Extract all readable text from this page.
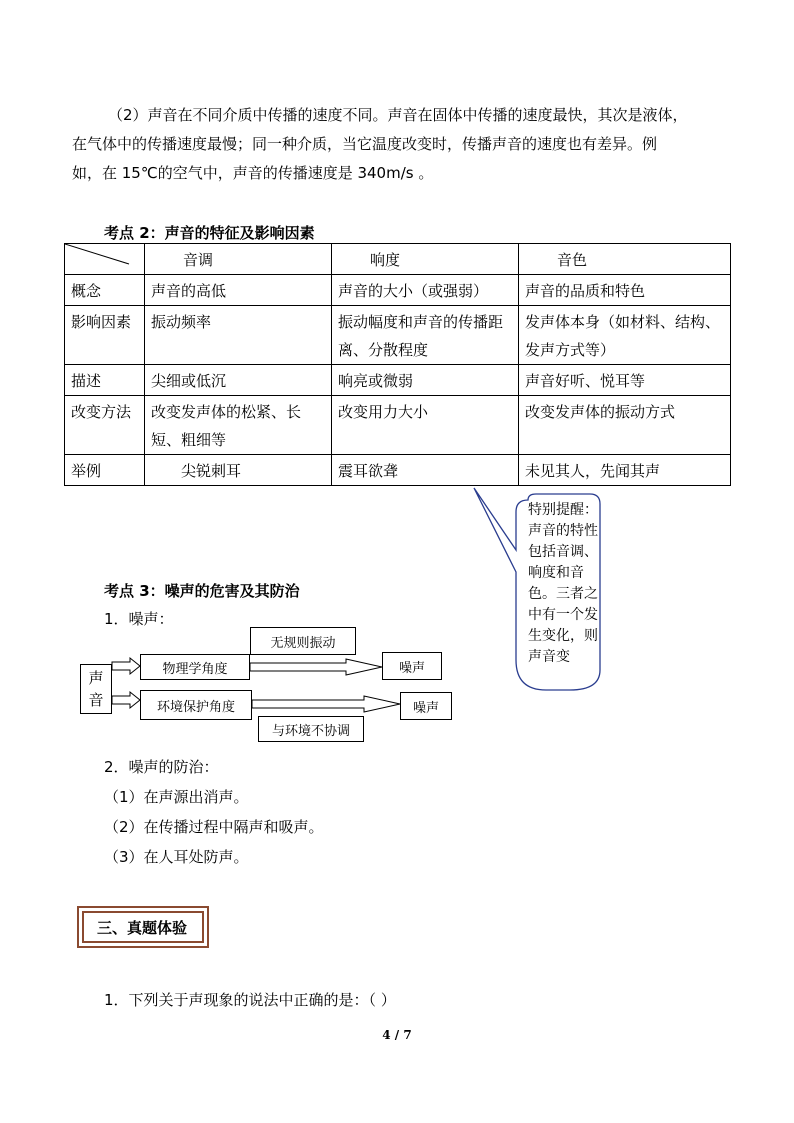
（2）声音在不同介质中传播的速度不同。声音在固体中传播的速度最快，其次是液体，
在气体中的传播速度最慢；同一种介质，当它温度改变时，传播声音的速度也有差异。例
如，在 15℃的空气中，声音的传播速度是 340m/s 。
考点 2：声音的特征及影响因素
	音调	响度	音色
概念	声音的高低	声音的大小（或强弱）	声音的品质和特色
影响因素	振动频率	振动幅度和声音的传播距离、分散程度	发声体本身（如材料、结构、发声方式等）
描述	尖细或低沉	响亮或微弱	声音好听、悦耳等
改变方法	改变发声体的松紧、长短、粗细等	改变用力大小	改变发声体的振动方式
举例	尖锐刺耳	震耳欲聋	未见其人，先闻其声
特别提醒：声音的特性包括音调、响度和音色。三者之中有一个发生变化，则声音变
考点 3：噪声的危害及其防治
1．噪声：
声音
物理学角度
无规则振动
噪声
环境保护角度
与环境不协调
噪声
2．噪声的防治：
（1）在声源出消声。
（2）在传播过程中隔声和吸声。
（3）在人耳处防声。
三、真题体验
1．下列关于声现象的说法中正确的是：（ ）
4 / 7
